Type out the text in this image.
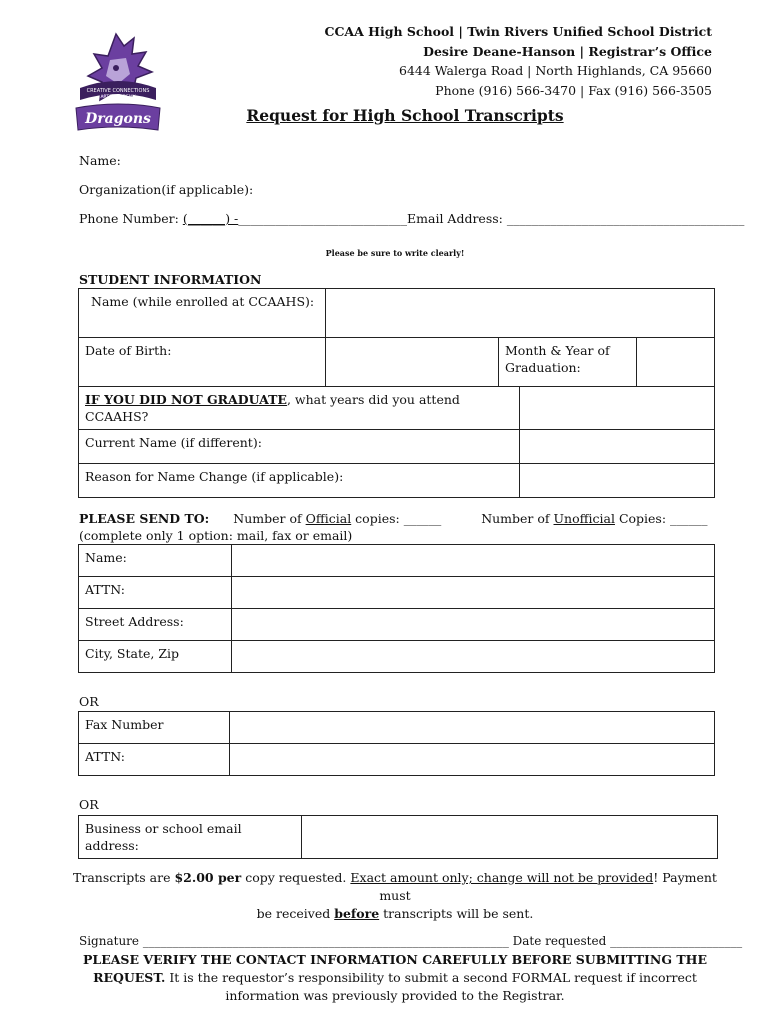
CREATIVE CONNECTIONS
ARTS ACADEMY
Dragons
CCAA High School | Twin Rivers Unified School District
Desire Deane-Hanson | Registrar’s Office
6444 Walerga Road | North Highlands, CA 95660
Phone (916) 566-3470 | Fax (916) 566-3505
Request for High School Transcripts
Name:
Organization(if applicable):
Phone Number: (______) -___________________________Email Address: ______________________________________
Please be sure to write clearly!
STUDENT INFORMATION
Name (while enrolled at CCAAHS):			
Date of Birth:		Month & Year of Graduation:	
IF YOU DID NOT GRADUATE, what years did you attend CCAAHS?	
Current Name (if different):	
Reason for Name Change (if applicable):	
PLEASE SEND TO: Number of Official copies: ______	Number of Unofficial Copies: ______
(complete only 1 option: mail, fax or email)
Name:	
ATTN:	
Street Address:	
City, State, Zip	
OR
Fax Number	
ATTN:	
OR
Business or school email address:	
Transcripts are $2.00 per copy requested. Exact amount only; change will not be provided! Payment must
be received before transcripts will be sent.
Signature _____________________________________________________________ Date requested ______________________
PLEASE VERIFY THE CONTACT INFORMATION CAREFULLY BEFORE SUBMITTING THE REQUEST. It is the requestor’s responsibility to submit a second FORMAL request if incorrect information was previously provided to the Registrar.
